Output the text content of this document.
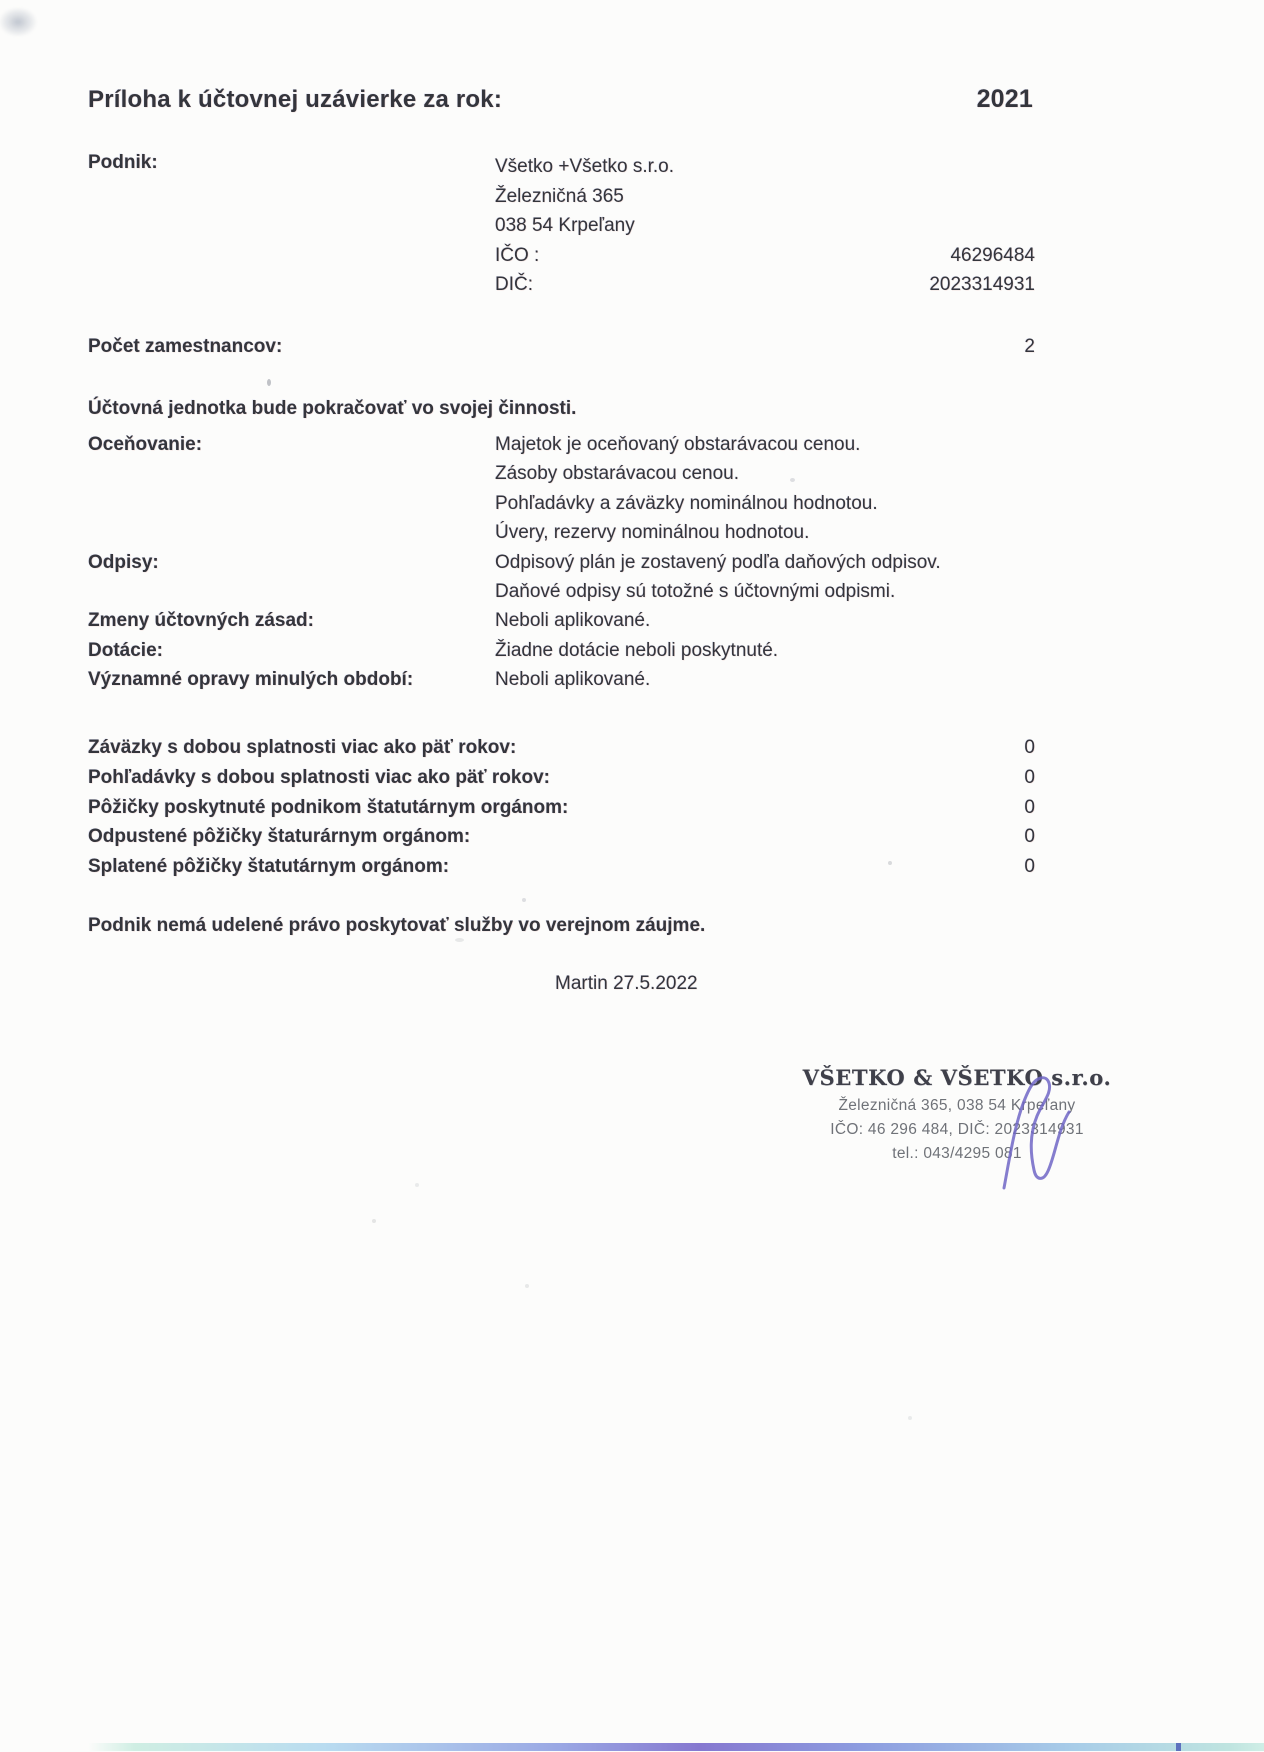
Príloha k účtovnej uzávierke za rok:	2021
Podnik:	Všetko +Všetko s.r.o.
Železničná 365
038 54 Krpeľany
IČO :	46296484
DIČ:	2023314931
Počet zamestnancov:	2
Účtovná jednotka bude pokračovať vo svojej činnosti.
Oceňovanie:	Majetok je oceňovaný obstarávacou cenou.
Zásoby obstarávacou cenou.
Pohľadávky a záväzky nominálnou hodnotou.
Úvery, rezervy nominálnou hodnotou.
Odpisy:	Odpisový plán je zostavený podľa daňových odpisov.
Daňové odpisy sú totožné s účtovnými odpismi.
Zmeny účtovných zásad:	Neboli aplikované.
Dotácie:	Žiadne dotácie neboli poskytnuté.
Významné opravy minulých období:	Neboli aplikované.
Záväzky s dobou splatnosti viac ako päť rokov:	0
Pohľadávky s dobou splatnosti viac ako päť rokov:	0
Pôžičky poskytnuté podnikom štatutárnym orgánom:	0
Odpustené pôžičky štaturárnym orgánom:	0
Splatené pôžičky štatutárnym orgánom:	0
Podnik nemá udelené právo poskytovať služby vo verejnom záujme.
Martin 27.5.2022
VŠETKO & VŠETKO s.r.o.
Železničná 365, 038 54 Krpeľany
IČO: 46 296 484, DIČ: 2023314931
tel.: 043/4295 081
